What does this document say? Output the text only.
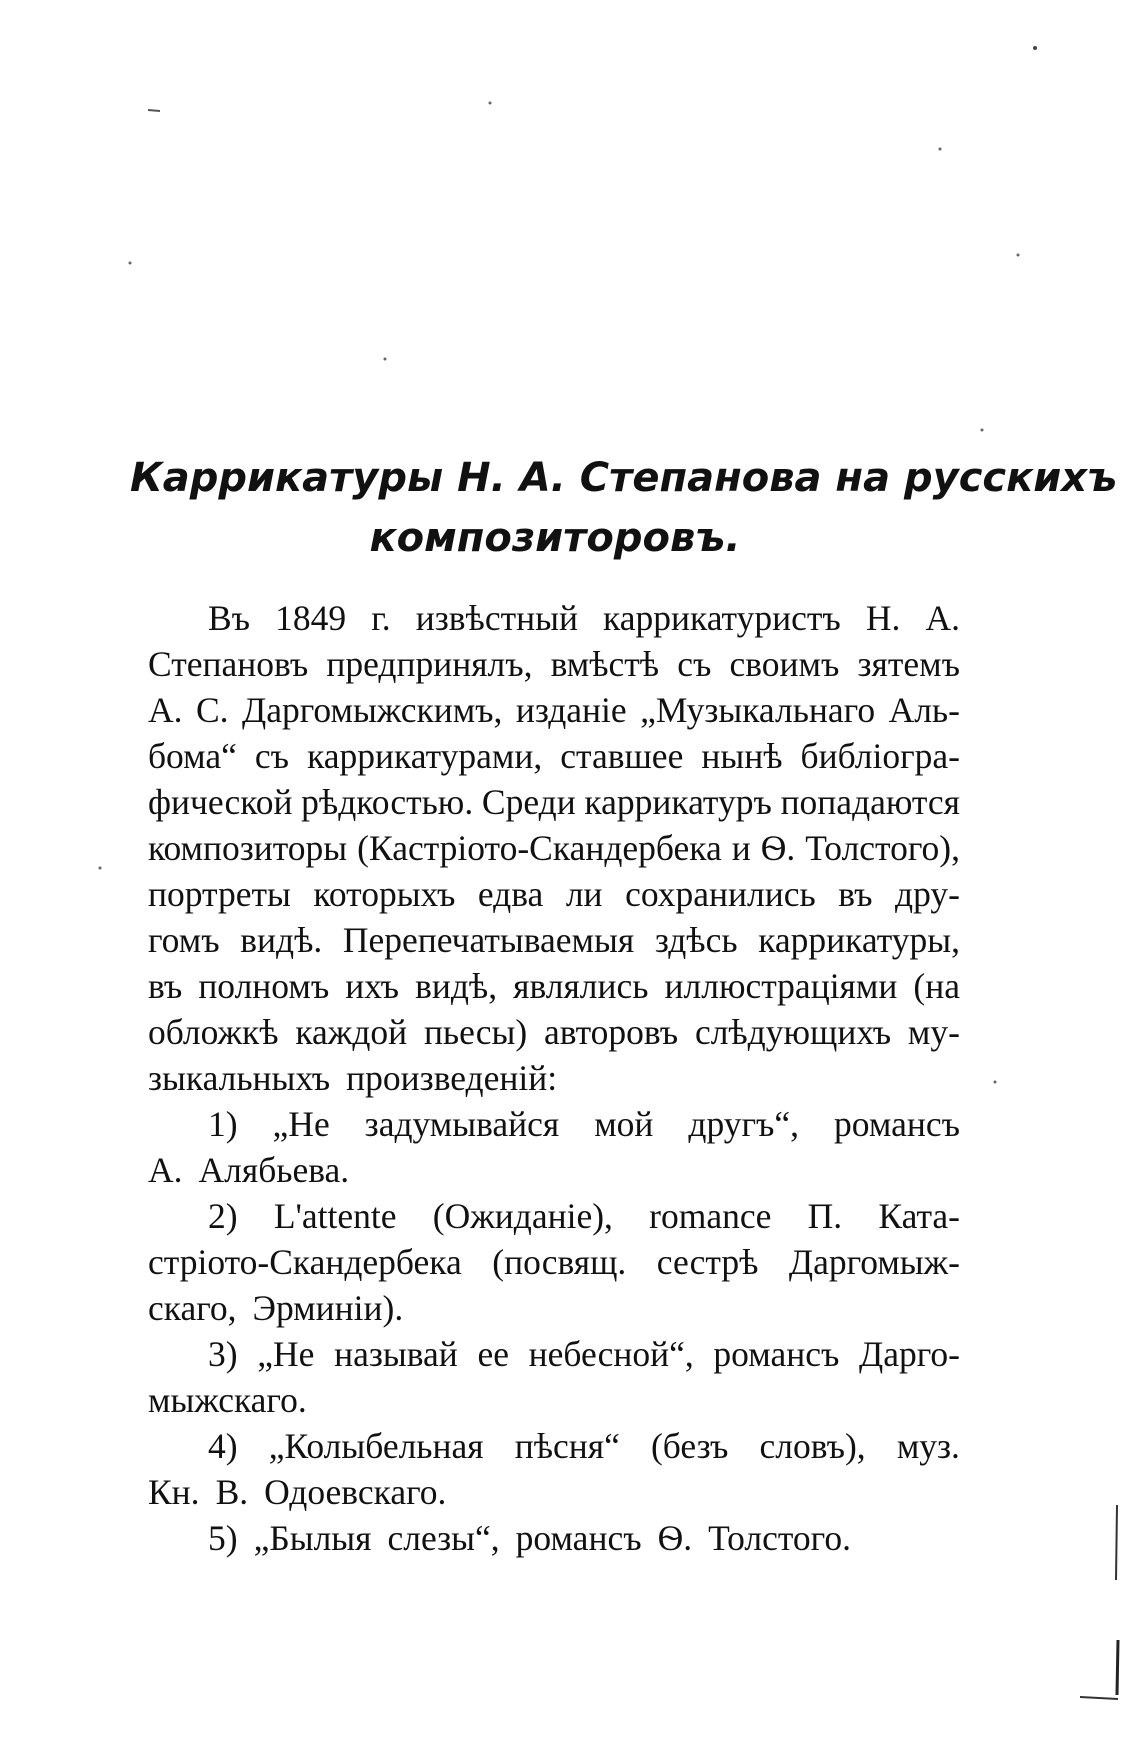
Каррикатуры Н. А. Степанова на русскихъ
композиторовъ.
Въ 1849 г. извѣстный каррикатуристъ Н. А.
Степановъ предпринялъ, вмѣстѣ съ своимъ зятемъ
А. С. Даргомыжскимъ, изданіе „Музыкальнаго Аль-
бома“ съ каррикатурами, ставшее нынѣ библіогра-
фической рѣдкостью. Среди каррикатуръ попадаются
композиторы (Кастріото-Скандербека и Ѳ. Толстого),
портреты которыхъ едва ли сохранились въ дру-
гомъ видѣ. Перепечатываемыя здѣсь каррикатуры,
въ полномъ ихъ видѣ, являлись иллюстраціями (на
обложкѣ каждой пьесы) авторовъ слѣдующихъ му-
зыкальныхъ произведеній:
1) „Не задумывайся мой другъ“, романсъ
А. Алябьева.
2) L'attente (Ожиданіе), romance П. Ката-
стріото-Скандербека (посвящ. сестрѣ Даргомыж-
скаго, Эрминіи).
3) „Не называй ее небесной“, романсъ Дарго-
мыжскаго.
4) „Колыбельная пѣсня“ (безъ словъ), муз.
Кн. В. Одоевскаго.
5) „Былыя слезы“, романсъ Ѳ. Толстого.
